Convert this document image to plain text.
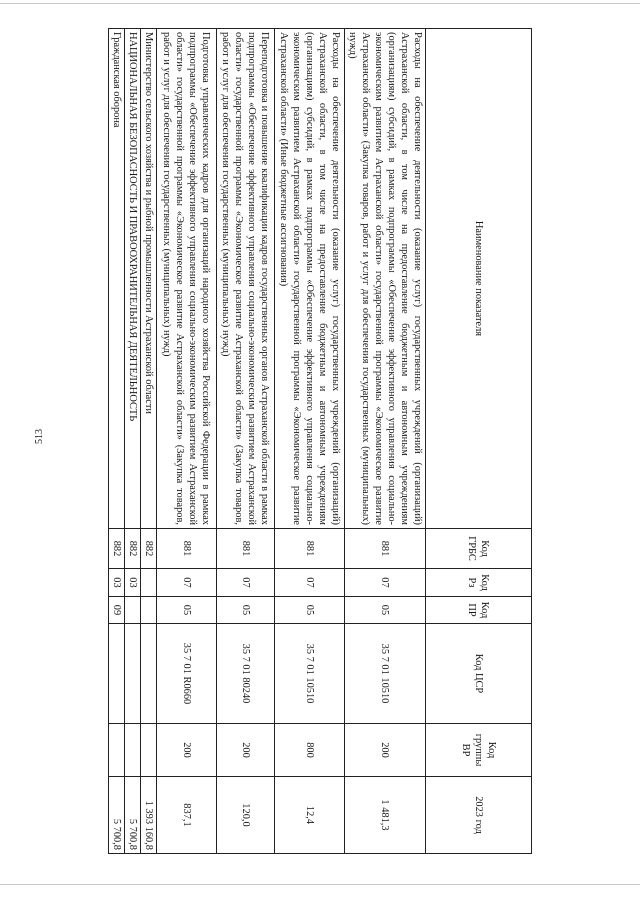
513
Наименование показателя	Код ГРБС	Код Рз	Код ПР	Код ЦСР	Код группы ВР	2023 год
Расходы на обеспечение деятельности (оказание услуг) государственных учреждений (организаций) Астраханской области, в том числе на предоставление бюджетным и автономным учреждениям (организациям) субсидий, в рамках подпрограммы «Обеспечение эффективного управления социально-экономическим развитием Астраханской области» государственной программы «Экономическое развитие Астраханской области» (Закупка товаров, работ и услуг для обеспечения государственных (муниципальных) нужд)	881	07	05	35 7 01 10510	200	1 481,3
Расходы на обеспечение деятельности (оказание услуг) государственных учреждений (организаций) Астраханской области, в том числе на предоставление бюджетным и автономным учреждениям (организациям) субсидий, в рамках подпрограммы «Обеспечение эффективного управления социально-экономическим развитием Астраханской области» государственной программы «Экономическое развитие Астраханской области» (Иные бюджетные ассигнования)	881	07	05	35 7 01 10510	800	12,4
Переподготовка и повышение квалификации кадров государственных органов Астраханской области в рамках подпрограммы «Обеспечение эффективного управления социально-экономическим развитием Астраханской области» государственной программы «Экономическое развитие Астраханской области» (Закупка товаров, работ и услуг для обеспечения государственных (муниципальных) нужд)	881	07	05	35 7 01 80240	200	120,0
Подготовка управленческих кадров для организаций народного хозяйства Российской Федерации в рамках подпрограммы «Обеспечение эффективного управления социально-экономическим развитием Астраханской области» государственной программы «Экономическое развитие Астраханской области» (Закупка товаров, работ и услуг для обеспечения государственных (муниципальных) нужд)	881	07	05	35 7 01 R0660	200	837,1
Министерство сельского хозяйства и рыбной промышленности Астраханской области	882					1 393 160,8
НАЦИОНАЛЬНАЯ БЕЗОПАСНОСТЬ И ПРАВООХРАНИТЕЛЬНАЯ ДЕЯТЕЛЬНОСТЬ	882	03				5 700,8
Гражданская оборона	882	03	09			5 700,8
